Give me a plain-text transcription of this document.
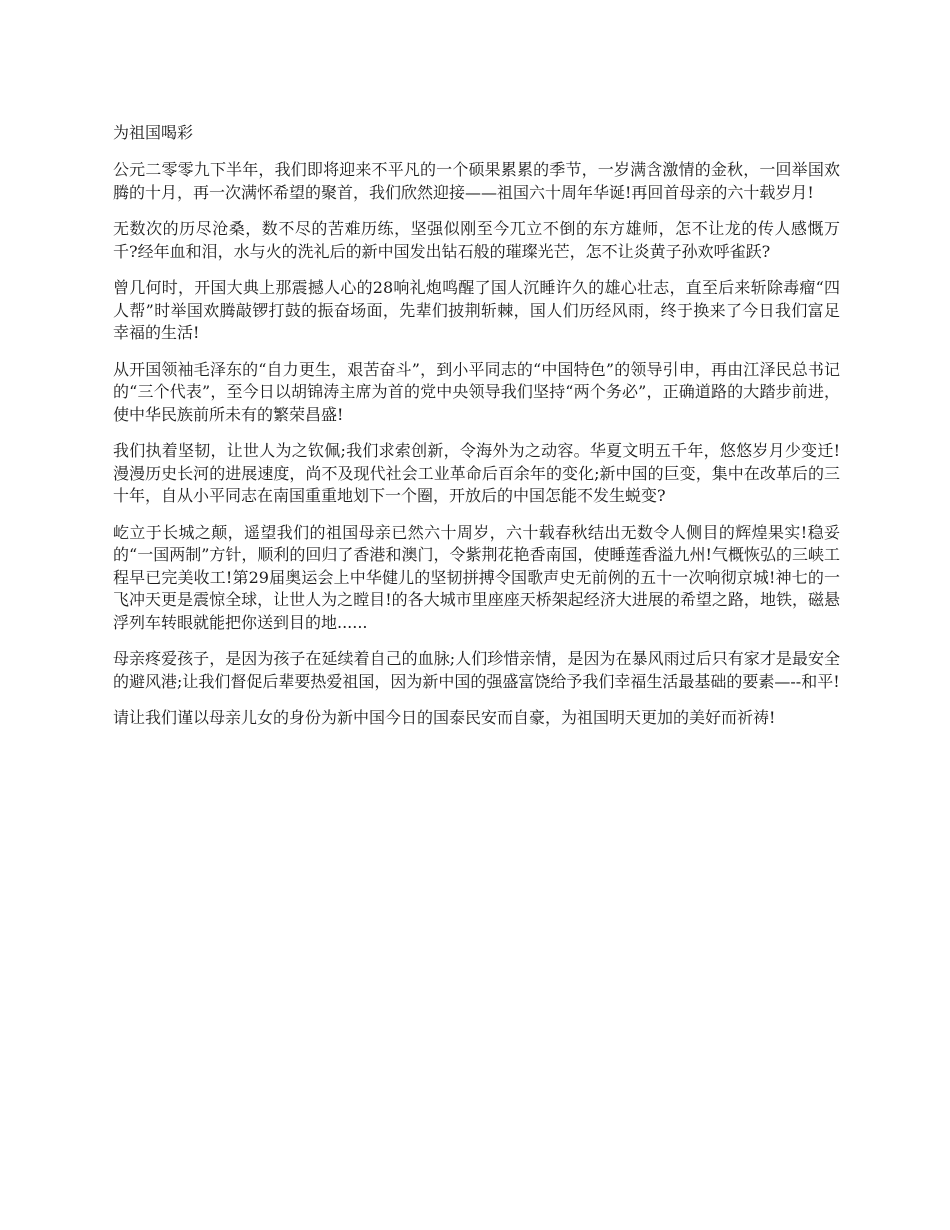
为祖国喝彩

公元二零零九下半年，我们即将迎来不平凡的一个硕果累累的季节，一岁满含激情的金秋，一回举国欢腾的十月，再一次满怀希望的聚首，我们欣然迎接——祖国六十周年华诞!再回首母亲的六十载岁月!

无数次的历尽沧桑，数不尽的苦难历练，坚强似刚至今兀立不倒的东方雄师，怎不让龙的传人感慨万千?经年血和泪，水与火的洗礼后的新中国发出钻石般的璀璨光芒，怎不让炎黄子孙欢呼雀跃?

曾几何时，开国大典上那震撼人心的28响礼炮鸣醒了国人沉睡许久的雄心壮志，直至后来斩除毒瘤“四人帮”时举国欢腾敲锣打鼓的振奋场面，先辈们披荆斩棘，国人们历经风雨，终于换来了今日我们富足幸福的生活!

从开国领袖毛泽东的“自力更生，艰苦奋斗”，到小平同志的“中国特色”的领导引申，再由江泽民总书记的“三个代表”，至今日以胡锦涛主席为首的党中央领导我们坚持“两个务必”，正确道路的大踏步前进，使中华民族前所未有的繁荣昌盛!

我们执着坚韧，让世人为之钦佩;我们求索创新，令海外为之动容。华夏文明五千年，悠悠岁月少变迁!漫漫历史长河的进展速度，尚不及现代社会工业革命后百余年的变化;新中国的巨变，集中在改革后的三十年，自从小平同志在南国重重地划下一个圈，开放后的中国怎能不发生蜕变?

屹立于长城之颠，遥望我们的祖国母亲已然六十周岁，六十载春秋结出无数令人侧目的辉煌果实!稳妥的“一国两制”方针，顺利的回归了香港和澳门，令紫荆花艳香南国，使睡莲香溢九州!气概恢弘的三峡工程早已完美收工!第29届奥运会上中华健儿的坚韧拼搏令国歌声史无前例的五十一次响彻京城!神七的一飞冲天更是震惊全球，让世人为之瞠目!的各大城市里座座天桥架起经济大进展的希望之路，地铁，磁悬浮列车转眼就能把你送到目的地......

母亲疼爱孩子，是因为孩子在延续着自己的血脉;人们珍惜亲情，是因为在暴风雨过后只有家才是最安全的避风港;让我们督促后辈要热爱祖国，因为新中国的强盛富饶给予我们幸福生活最基础的要素—--和平!

请让我们谨以母亲儿女的身份为新中国今日的国泰民安而自豪，为祖国明天更加的美好而祈祷!
